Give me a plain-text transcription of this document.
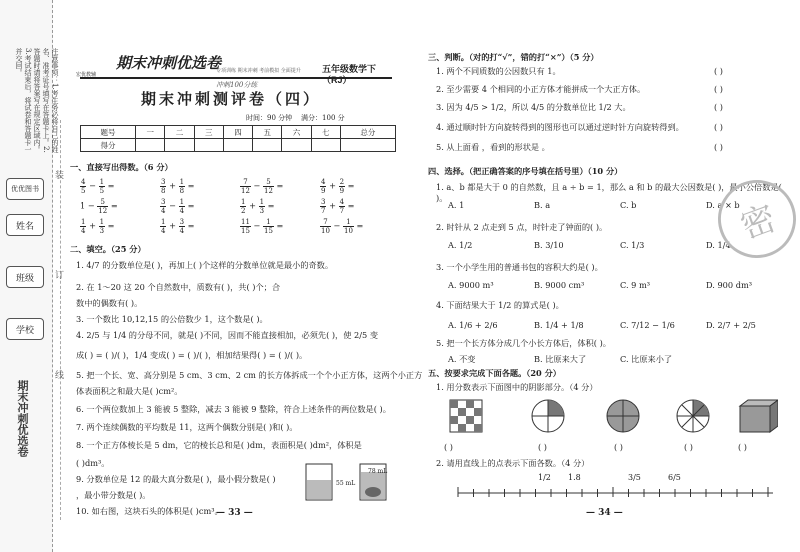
注意事项：1.考生务必将自己的姓名、准考证号填写在答题卡上。2.答题时请将答案写在规定区域内。3.考试结束后，将试卷和答题卡一并交回。
优优图书
姓名
班级
学校
期末冲刺优选卷
装
订
线
宏优教辅
期末冲刺优选卷
专项训练 期末冲刺 考前模拟 全面提升 五年级数学下（RJ）
冲刺100分练
期末冲刺测评卷（四）
时间：90 分钟 满分：100 分
题号	一	二	三	四	五	六	七	总分
得分								
一、直接写出得数。（6 分）
$\frac{4}{5} - \frac{1}{5}$ =	$\frac{3}{8} + \frac{1}{8}$ =	$\frac{7}{12} - \frac{5}{12}$ =	$\frac{4}{9} + \frac{2}{9}$ =
$1 - \frac{5}{12}$ =	$\frac{3}{4} - \frac{1}{4}$ =	$\frac{1}{2} + \frac{1}{3}$ =	$\frac{3}{7} + \frac{4}{7}$ =
$\frac{1}{4} + \frac{1}{3}$ =	$\frac{1}{4} + \frac{3}{4}$ =	$\frac{11}{15} - \frac{1}{15}$ =	$\frac{7}{10} - \frac{1}{10}$ =
二、填空。（25 分）
1. 4/7 的分数单位是( )，再加上( )个这样的分数单位就是最小的奇数。
2. 在 1～20 这 20 个自然数中，质数有( )，共( )个；合
数中的偶数有( )。
3. 一个数比 10,12,15 的公倍数少 1，这个数是( )。
4. 2/5 与 1/4 的分母不同，就是( )不同，因而不能直接相加，必须先( )，使 2/5 变
成( ) = ( )/( )，1/4 变成( ) = ( )/( )，相加结果得( ) = ( )/( )。
5. 把一个长、宽、高分别是 5 cm、3 cm、2 cm 的长方体拆成一个个小正方体，这两个小正方
体表面积之和最大是( )cm²。
6. 一个两位数加上 3 能被 5 整除，减去 3 能被 9 整除，符合上述条件的两位数是( )。
7. 两个连续偶数的平均数是 11，这两个偶数分别是( )和( )。
8. 一个正方体棱长是 5 dm，它的棱长总和是( )dm，表面积是( )dm²，体积是
( )dm³。
9. 分数单位是 12 的最大真分数是( )，最小假分数是( )
，最小带分数是( )。
10. 如右图，这块石头的体积是( )cm³。
55 mL
78 mL
— 33 —
三、判断。（对的打“√”，错的打“×”）（5 分）
1. 两个不同质数的公因数只有 1。	( )
2. 至少需要 4 个相同的小正方体才能拼成一个大正方体。	( )
3. 因为 4/5 > 1/2，所以 4/5 的分数单位比 1/2 大。	( )
4. 通过顺时针方向旋转得到的图形也可以通过逆时针方向旋转得到。	( )
5. 从上面看 ，看到的形状是 。	( )
四、选择。（把正确答案的序号填在括号里）（10 分）
1. a、b 都是大于 0 的自然数，且 a ÷ b = 1，那么 a 和 b 的最大公因数是( )，最小公倍数是( )。
A. 1	B. a	C. b	D. a × b
2. 时针从 2 点走到 5 点，时针走了钟面的( )。
A. 1/2	B. 3/10	C. 1/3	D. 1/4
3. 一个小学生用的普通书包的容积大约是( )。
A. 9000 m³	B. 9000 cm³	C. 9 m³	D. 900 dm³
4. 下面结果大于 1/2 的算式是( )。
A. 1/6 + 2/6	B. 1/4 + 1/8	C. 7/12 − 1/6	D. 2/7 + 2/5
5. 把一个长方体分成几个小长方体后，体积( )。
A. 不变	B. 比原来大了	C. 比原来小了
五、按要求完成下面各题。（20 分）
1. 用分数表示下面图中的阴影部分。（4 分）
( )	( )	( )	( )	( )
2. 请用直线上的点表示下面各数。（4 分）
1/2 1.8	3/5	6/5
— 34 —
密
